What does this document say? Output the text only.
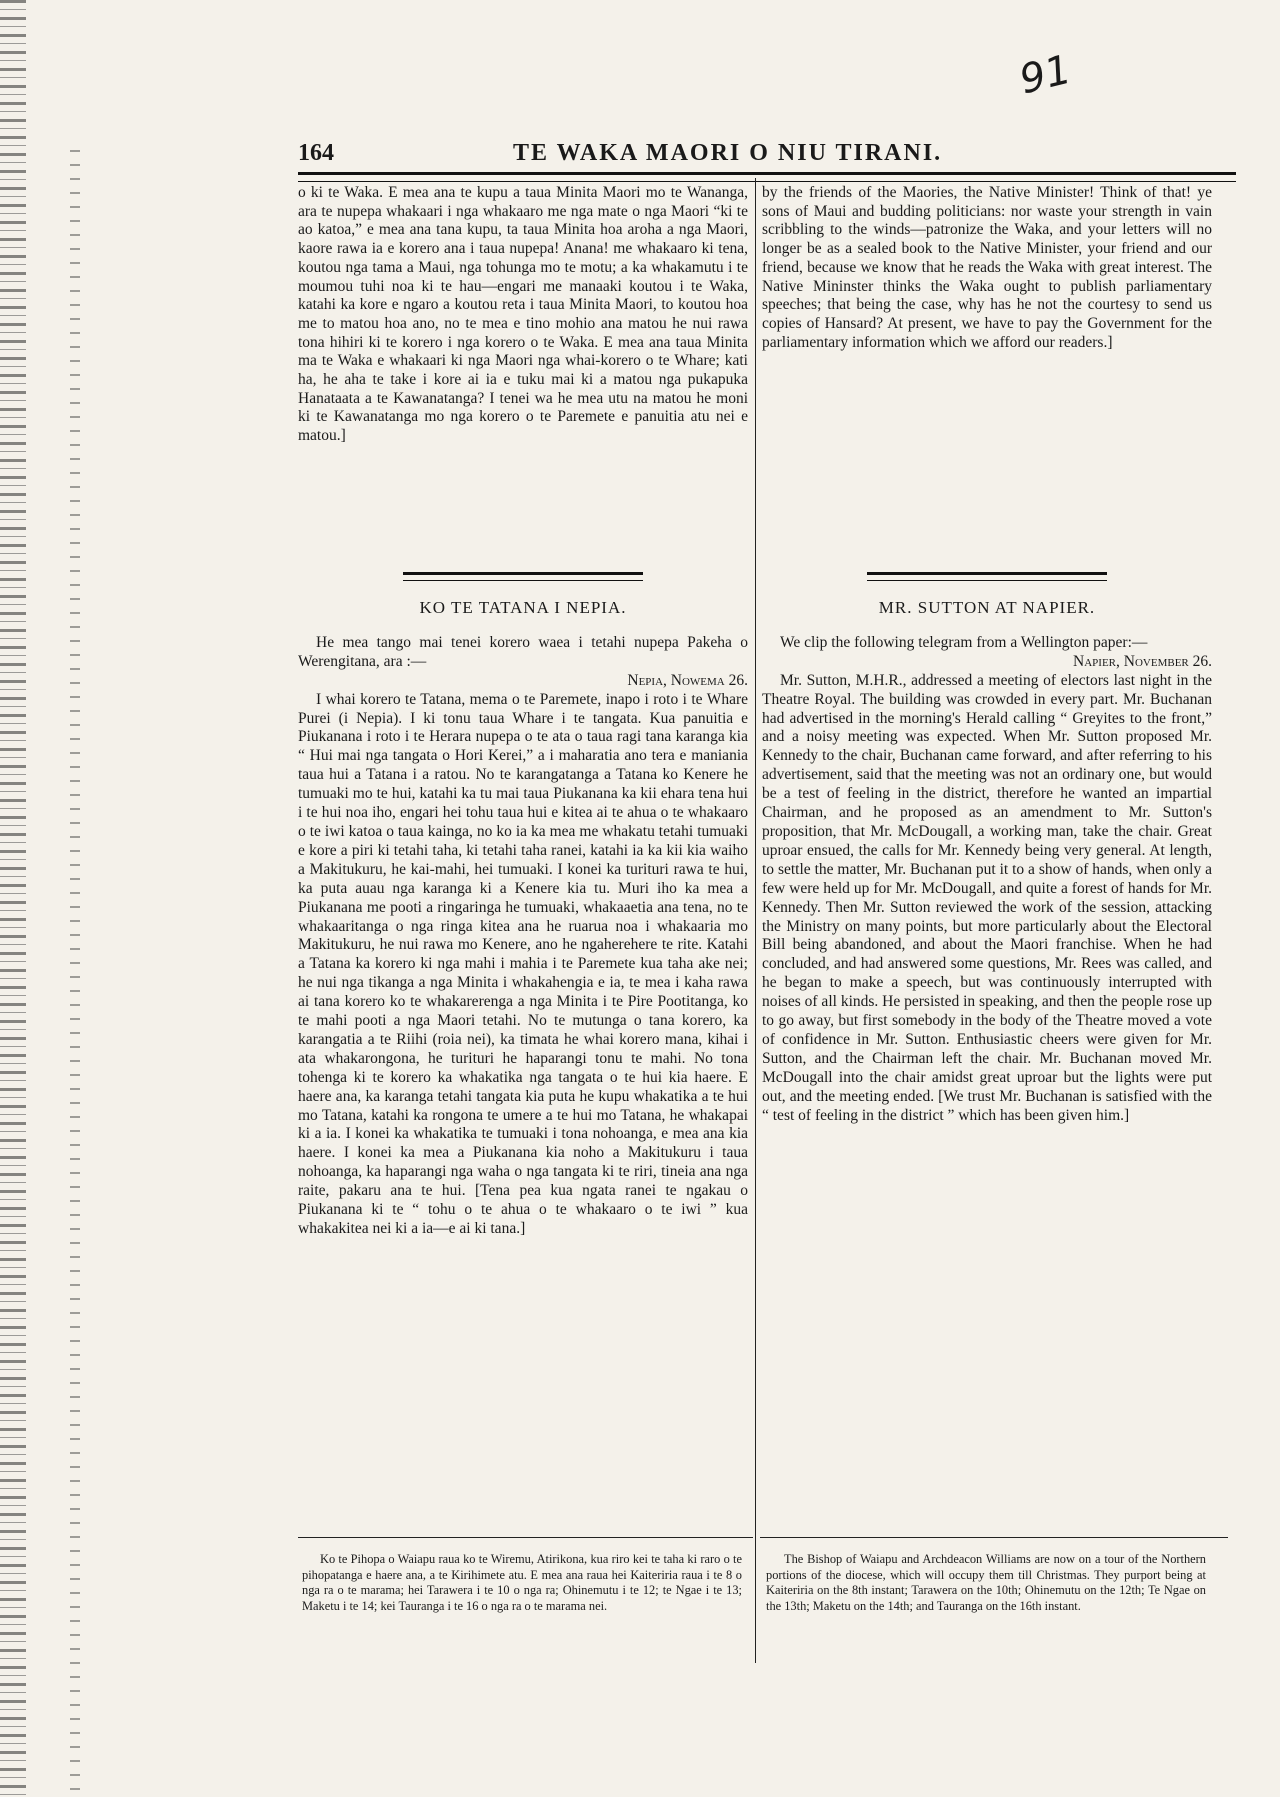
164	TE WAKA MAORI O NIU TIRANI.
91

o ki te Waka. E mea ana te kupu a taua Minita Maori mo te Wananga, ara te nupepa whakaari i nga whakaaro me nga mate o nga Maori “ki te ao katoa,” e mea ana tana kupu, ta taua Minita hoa aroha a nga Maori, kaore rawa ia e korero ana i taua nupepa! Anana! me whakaaro ki tena, koutou nga tama a Maui, nga tohunga mo te motu; a ka whakamutu i te moumou tuhi noa ki te hau—engari me manaaki koutou i te Waka, katahi ka kore e ngaro a koutou reta i taua Minita Maori, to koutou hoa me to matou hoa ano, no te mea e tino mohio ana matou he nui rawa tona hihiri ki te korero i nga korero o te Waka. E mea ana taua Minita ma te Waka e whakaari ki nga Maori nga whai-korero o te Whare; kati ha, he aha te take i kore ai ia e tuku mai ki a matou nga pukapuka Hanataata a te Kawanatanga? I tenei wa he mea utu na matou he moni ki te Kawanatanga mo nga korero o te Paremete e panuitia atu nei e matou.]

by the friends of the Maories, the Native Minister! Think of that! ye sons of Maui and budding politicians: nor waste your strength in vain scribbling to the winds—patronize the Waka, and your letters will no longer be as a sealed book to the Native Minister, your friend and our friend, because we know that he reads the Waka with great interest. The Native Mininster thinks the Waka ought to publish parliamentary speeches; that being the case, why has he not the courtesy to send us copies of Hansard? At present, we have to pay the Government for the parliamentary information which we afford our readers.]

KO TE TATANA I NEPIA.

He mea tango mai tenei korero waea i tetahi nupepa Pakeha o Werengitana, ara :—

Nepia, Nowema 26.

I whai korero te Tatana, mema o te Paremete, inapo i roto i te Whare Purei (i Nepia). I ki tonu taua Whare i te tangata. Kua panuitia e Piukanana i roto i te Herara nupepa o te ata o taua ragi tana karanga kia “ Hui mai nga tangata o Hori Kerei,” a i maharatia ano tera e maniania taua hui a Tatana i a ratou. No te karangatanga a Tatana ko Kenere he tumuaki mo te hui, katahi ka tu mai taua Piukanana ka kii ehara tena hui i te hui noa iho, engari hei tohu taua hui e kitea ai te ahua o te whakaaro o te iwi katoa o taua kainga, no ko ia ka mea me whakatu tetahi tumuaki e kore a piri ki tetahi taha, ki tetahi taha ranei, katahi ia ka kii kia waiho a Makitukuru, he kai-mahi, hei tumuaki. I konei ka turituri rawa te hui, ka puta auau nga karanga ki a Kenere kia tu. Muri iho ka mea a Piukanana me pooti a ringaringa he tumuaki, whakaaetia ana tena, no te whakaaritanga o nga ringa kitea ana he ruarua noa i whakaaria mo Makitukuru, he nui rawa mo Kenere, ano he ngaherehere te rite. Katahi a Tatana ka korero ki nga mahi i mahia i te Paremete kua taha ake nei; he nui nga tikanga a nga Minita i whakahengia e ia, te mea i kaha rawa ai tana korero ko te whakarerenga a nga Minita i te Pire Pootitanga, ko te mahi pooti a nga Maori tetahi. No te mutunga o tana korero, ka karangatia a te Riihi (roia nei), ka timata he whai korero mana, kihai i ata whakarongona, he turituri he haparangi tonu te mahi. No tona tohenga ki te korero ka whakatika nga tangata o te hui kia haere. E haere ana, ka karanga tetahi tangata kia puta he kupu whakatika a te hui mo Tatana, katahi ka rongona te umere a te hui mo Tatana, he whakapai ki a ia. I konei ka whakatika te tumuaki i tona nohoanga, e mea ana kia haere. I konei ka mea a Piukanana kia noho a Makitukuru i taua nohoanga, ka haparangi nga waha o nga tangata ki te riri, tineia ana nga raite, pakaru ana te hui. [Tena pea kua ngata ranei te ngakau o Piukanana ki te “ tohu o te ahua o te whakaaro o te iwi ” kua whakakitea nei ki a ia—e ai ki tana.]

MR. SUTTON AT NAPIER.

We clip the following telegram from a Wellington paper:—

Napier, November 26.

Mr. Sutton, M.H.R., addressed a meeting of electors last night in the Theatre Royal. The building was crowded in every part. Mr. Buchanan had advertised in the morning's Herald calling “ Greyites to the front,” and a noisy meeting was expected. When Mr. Sutton proposed Mr. Kennedy to the chair, Buchanan came forward, and after referring to his advertisement, said that the meeting was not an ordinary one, but would be a test of feeling in the district, therefore he wanted an impartial Chairman, and he proposed as an amendment to Mr. Sutton's proposition, that Mr. McDougall, a working man, take the chair. Great uproar ensued, the calls for Mr. Kennedy being very general. At length, to settle the matter, Mr. Buchanan put it to a show of hands, when only a few were held up for Mr. McDougall, and quite a forest of hands for Mr. Kennedy. Then Mr. Sutton reviewed the work of the session, attacking the Ministry on many points, but more particularly about the Electoral Bill being abandoned, and about the Maori franchise. When he had concluded, and had answered some questions, Mr. Rees was called, and he began to make a speech, but was continuously interrupted with noises of all kinds. He persisted in speaking, and then the people rose up to go away, but first somebody in the body of the Theatre moved a vote of confidence in Mr. Sutton. Enthusiastic cheers were given for Mr. Sutton, and the Chairman left the chair. Mr. Buchanan moved Mr. McDougall into the chair amidst great uproar but the lights were put out, and the meeting ended. [We trust Mr. Buchanan is satisfied with the “ test of feeling in the district ” which has been given him.]

Ko te Pihopa o Waiapu raua ko te Wiremu, Atirikona, kua riro kei te taha ki raro o te pihopatanga e haere ana, a te Kirihimete atu. E mea ana raua hei Kaiteriria raua i te 8 o nga ra o te marama; hei Tarawera i te 10 o nga ra; Ohinemutu i te 12; te Ngae i te 13; Maketu i te 14; kei Tauranga i te 16 o nga ra o te marama nei.

The Bishop of Waiapu and Archdeacon Williams are now on a tour of the Northern portions of the diocese, which will occupy them till Christmas. They purport being at Kaiteriria on the 8th instant; Tarawera on the 10th; Ohinemutu on the 12th; Te Ngae on the 13th; Maketu on the 14th; and Tauranga on the 16th instant.
